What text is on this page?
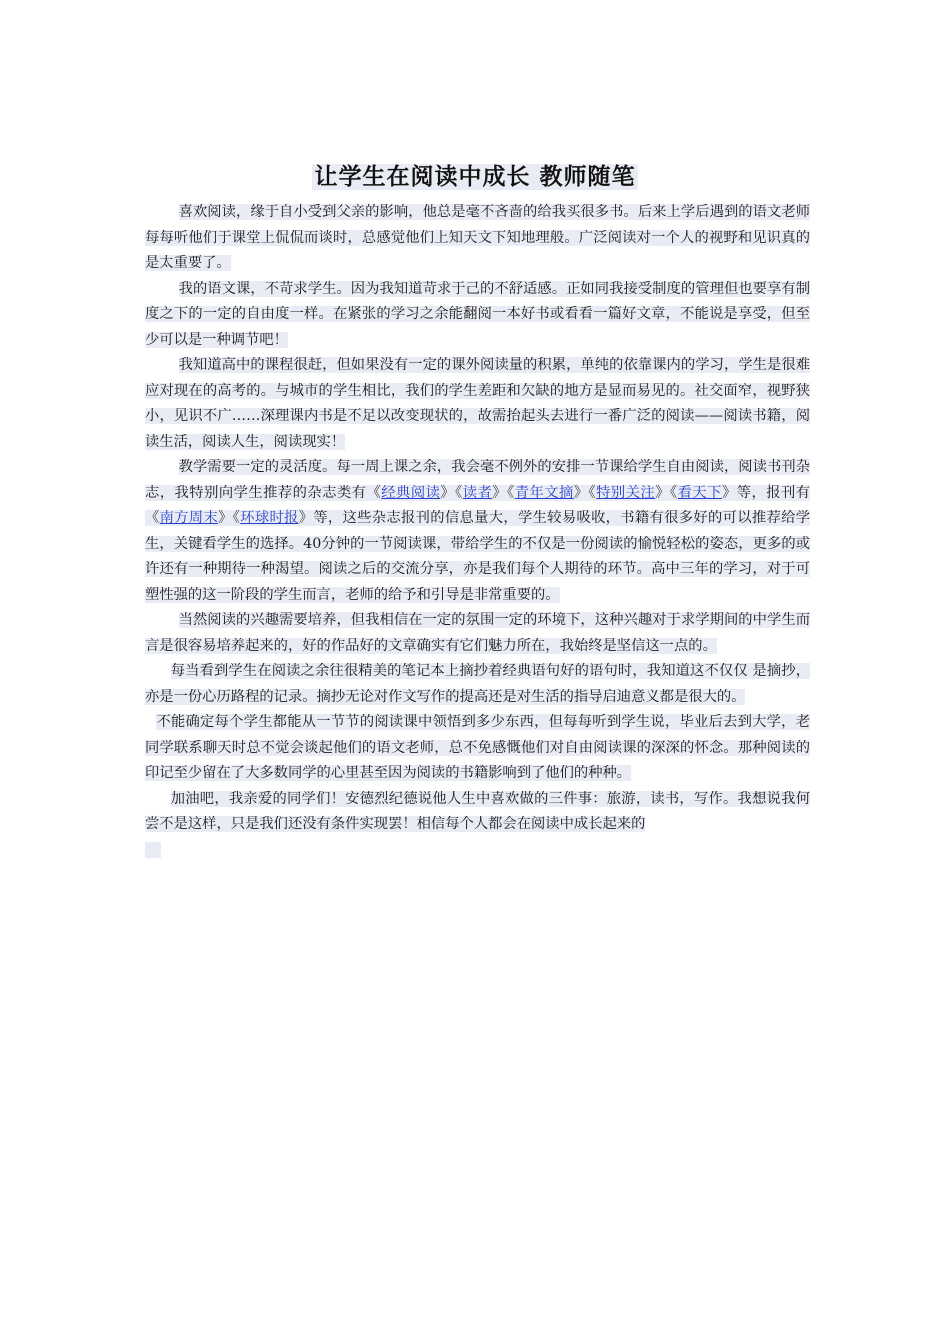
让学生在阅读中成长 教师随笔

喜欢阅读，缘于自小受到父亲的影响，他总是毫不吝啬的给我买很多书。后来上学后遇到的语文老师每每听他们于课堂上侃侃而谈时，总感觉他们上知天文下知地理般。广泛阅读对一个人的视野和见识真的是太重要了。

我的语文课，不苛求学生。因为我知道苛求于己的不舒适感。正如同我接受制度的管理但也要享有制度之下的一定的自由度一样。在紧张的学习之余能翻阅一本好书或看看一篇好文章，不能说是享受，但至少可以是一种调节吧！

我知道高中的课程很赶，但如果没有一定的课外阅读量的积累，单纯的依靠课内的学习，学生是很难应对现在的高考的。与城市的学生相比，我们的学生差距和欠缺的地方是显而易见的。社交面窄，视野狭小，见识不广……深理课内书是不足以改变现状的，故需抬起头去进行一番广泛的阅读——阅读书籍，阅读生活，阅读人生，阅读现实！

教学需要一定的灵活度。每一周上课之余，我会毫不例外的安排一节课给学生自由阅读，阅读书刊杂志，我特别向学生推荐的杂志类有《经典阅读》《读者》《青年文摘》《特别关注》《看天下》等，报刊有《南方周末》《环球时报》等，这些杂志报刊的信息量大，学生较易吸收，书籍有很多好的可以推荐给学生，关键看学生的选择。40分钟的一节阅读课，带给学生的不仅是一份阅读的愉悦轻松的姿态，更多的或许还有一种期待一种渴望。阅读之后的交流分享，亦是我们每个人期待的环节。高中三年的学习，对于可塑性强的这一阶段的学生而言，老师的给予和引导是非常重要的。

当然阅读的兴趣需要培养，但我相信在一定的氛围一定的环境下，这种兴趣对于求学期间的中学生而言是很容易培养起来的，好的作品好的文章确实有它们魅力所在，我始终是坚信这一点的。

每当看到学生在阅读之余往很精美的笔记本上摘抄着经典语句好的语句时，我知道这不仅仅 是摘抄，亦是一份心历路程的记录。摘抄无论对作文写作的提高还是对生活的指导启迪意义都是很大的。

不能确定每个学生都能从一节节的阅读课中领悟到多少东西，但每每听到学生说，毕业后去到大学，老同学联系聊天时总不觉会谈起他们的语文老师，总不免感慨他们对自由阅读课的深深的怀念。那种阅读的印记至少留在了大多数同学的心里甚至因为阅读的书籍影响到了他们的种种。

加油吧，我亲爱的同学们！安德烈纪德说他人生中喜欢做的三件事：旅游，读书，写作。我想说我何尝不是这样，只是我们还没有条件实现罢！相信每个人都会在阅读中成长起来的
